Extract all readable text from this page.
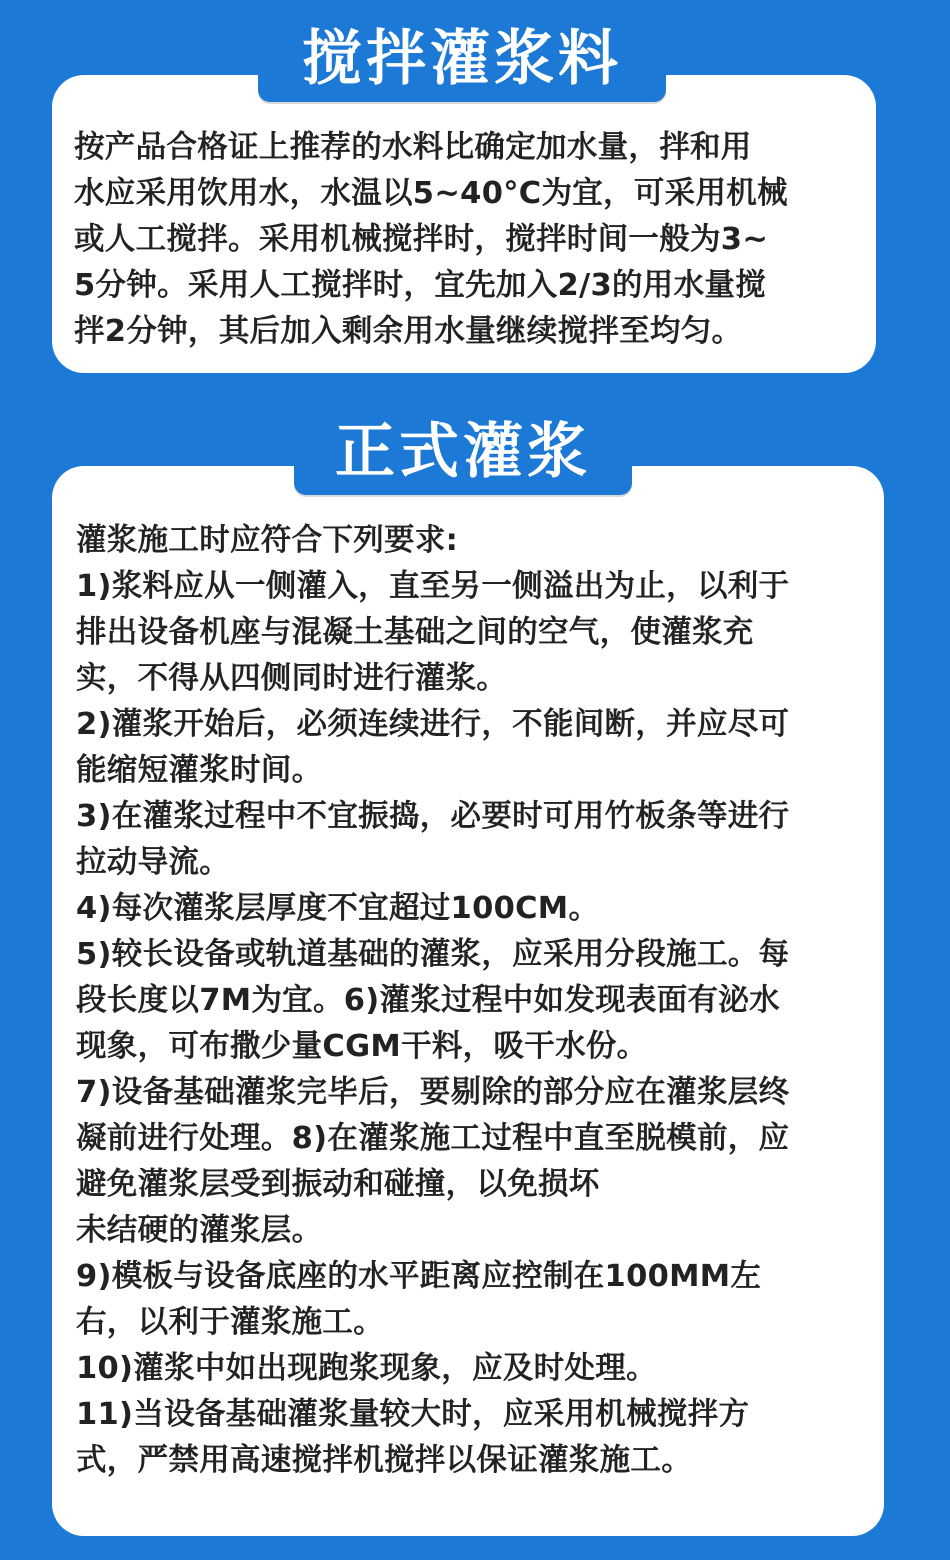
按产品合格证上推荐的水料比确定加水量，拌和用
水应采用饮用水，水温以5~40°C为宜，可采用机械
或人工搅拌。采用机械搅拌时，搅拌时间一般为3~
5分钟。采用人工搅拌时，宜先加入2/3的用水量搅
拌2分钟，其后加入剩余用水量继续搅拌至均匀。
搅拌灌浆料
灌浆施工时应符合下列要求:
1)浆料应从一侧灌入，直至另一侧溢出为止，以利于
排出设备机座与混凝土基础之间的空气，使灌浆充
实，不得从四侧同时进行灌浆。
2)灌浆开始后，必须连续进行，不能间断，并应尽可
能缩短灌浆时间。
3)在灌浆过程中不宜振捣，必要时可用竹板条等进行
拉动导流。
4)每次灌浆层厚度不宜超过100CM。
5)较长设备或轨道基础的灌浆，应采用分段施工。每
段长度以7M为宜。6)灌浆过程中如发现表面有泌水
现象，可布撒少量CGM干料，吸干水份。
7)设备基础灌浆完毕后，要剔除的部分应在灌浆层终
凝前进行处理。8)在灌浆施工过程中直至脱模前，应
避免灌浆层受到振动和碰撞，以免损坏
未结硬的灌浆层。
9)模板与设备底座的水平距离应控制在100MM左
右，以利于灌浆施工。
10)灌浆中如出现跑浆现象，应及时处理。
11)当设备基础灌浆量较大时，应采用机械搅拌方
式，严禁用高速搅拌机搅拌以保证灌浆施工。
正式灌浆
